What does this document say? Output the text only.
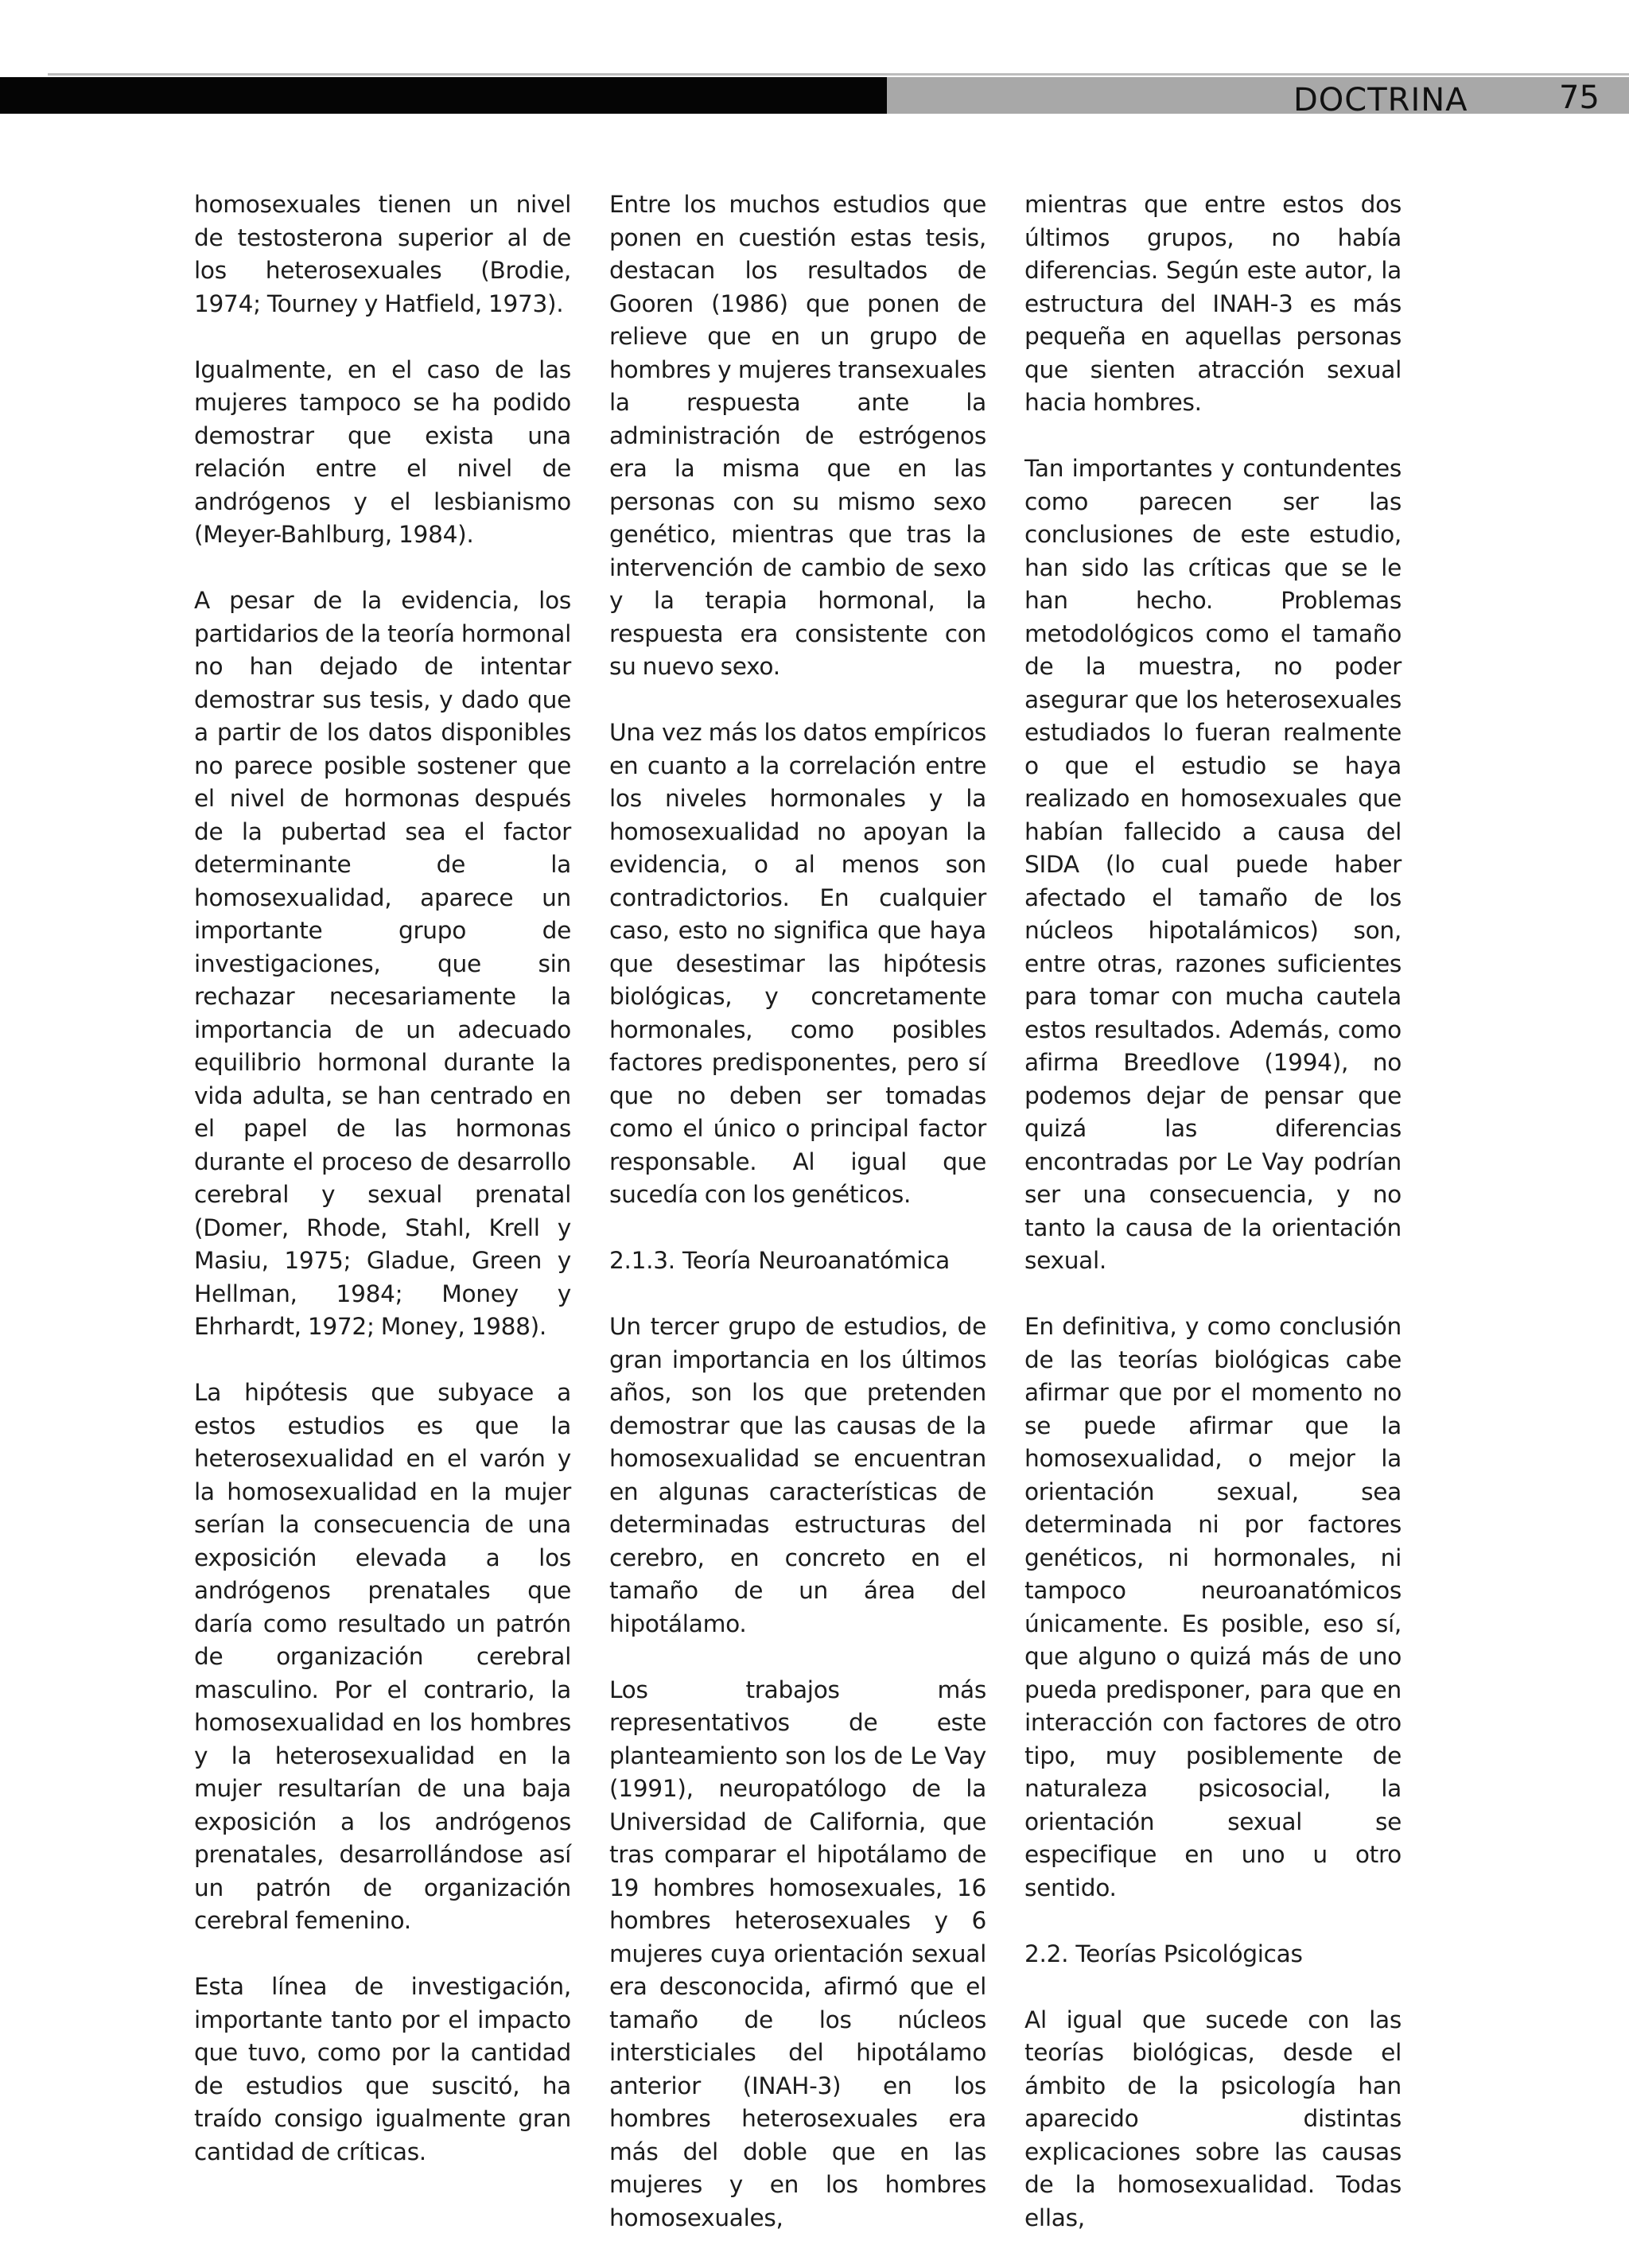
DOCTRINA	75

homosexuales tienen un nivel de testosterona superior al de los heterosexuales (Brodie, 1974; Tourney y Hatfield, 1973).

Igualmente, en el caso de las mujeres tampoco se ha podido demostrar que exista una relación entre el nivel de andrógenos y el lesbianismo (Meyer-Bahlburg, 1984).

A pesar de la evidencia, los partidarios de la teoría hormonal no han dejado de intentar demostrar sus tesis, y dado que a partir de los datos disponibles no parece posible sostener que el nivel de hormonas después de la pubertad sea el factor determinante de la homosexualidad, aparece un importante grupo de investigaciones, que sin rechazar necesariamente la importancia de un adecuado equilibrio hormonal durante la vida adulta, se han centrado en el papel de las hormonas durante el proceso de desarrollo cerebral y sexual prenatal (Domer, Rhode, Stahl, Krell y Masiu, 1975; Gladue, Green y Hellman, 1984; Money y Ehrhardt, 1972; Money, 1988).

La hipótesis que subyace a estos estudios es que la heterosexualidad en el varón y la homosexualidad en la mujer serían la consecuencia de una exposición elevada a los andrógenos prenatales que daría como resultado un patrón de organización cerebral masculino. Por el contrario, la homosexualidad en los hombres y la heterosexualidad en la mujer resultarían de una baja exposición a los andrógenos prenatales, desarrollándose así un patrón de organización cerebral femenino.

Esta línea de investigación, importante tanto por el impacto que tuvo, como por la cantidad de estudios que suscitó, ha traído consigo igualmente gran cantidad de críticas.

Entre los muchos estudios que ponen en cuestión estas tesis, destacan los resultados de Gooren (1986) que ponen de relieve que en un grupo de hombres y mujeres transexuales la respuesta ante la administración de estrógenos era la misma que en las personas con su mismo sexo genético, mientras que tras la intervención de cambio de sexo y la terapia hormonal, la respuesta era consistente con su nuevo sexo.

Una vez más los datos empíricos en cuanto a la correlación entre los niveles hormonales y la homosexualidad no apoyan la evidencia, o al menos son contradictorios. En cualquier caso, esto no significa que haya que desestimar las hipótesis biológicas, y concretamente hormonales, como posibles factores predisponentes, pero sí que no deben ser tomadas como el único o principal factor responsable. Al igual que sucedía con los genéticos.

2.1.3. Teoría Neuroanatómica

Un tercer grupo de estudios, de gran importancia en los últimos años, son los que pretenden demostrar que las causas de la homosexualidad se encuentran en algunas características de determinadas estructuras del cerebro, en concreto en el tamaño de un área del hipotálamo.

Los trabajos más representativos de este planteamiento son los de Le Vay (1991), neuropatólogo de la Universidad de California, que tras comparar el hipotálamo de 19 hombres homosexuales, 16 hombres heterosexuales y 6 mujeres cuya orientación sexual era desconocida, afirmó que el tamaño de los núcleos intersticiales del hipotálamo anterior (INAH-3) en los hombres heterosexuales era más del doble que en las mujeres y en los hombres homosexuales,

mientras que entre estos dos últimos grupos, no había diferencias. Según este autor, la estructura del INAH-3 es más pequeña en aquellas personas que sienten atracción sexual hacia hombres.

Tan importantes y contundentes como parecen ser las conclusiones de este estudio, han sido las críticas que se le han hecho. Problemas metodológicos como el tamaño de la muestra, no poder asegurar que los heterosexuales estudiados lo fueran realmente o que el estudio se haya realizado en homosexuales que habían fallecido a causa del SIDA (lo cual puede haber afectado el tamaño de los núcleos hipotalámicos) son, entre otras, razones suficientes para tomar con mucha cautela estos resultados. Además, como afirma Breedlove (1994), no podemos dejar de pensar que quizá las diferencias encontradas por Le Vay podrían ser una consecuencia, y no tanto la causa de la orientación sexual.

En definitiva, y como conclusión de las teorías biológicas cabe afirmar que por el momento no se puede afirmar que la homosexualidad, o mejor la orientación sexual, sea determinada ni por factores genéticos, ni hormonales, ni tampoco neuroanatómicos únicamente. Es posible, eso sí, que alguno o quizá más de uno pueda predisponer, para que en interacción con factores de otro tipo, muy posiblemente de naturaleza psicosocial, la orientación sexual se especifique en uno u otro sentido.

2.2. Teorías Psicológicas

Al igual que sucede con las teorías biológicas, desde el ámbito de la psicología han aparecido distintas explicaciones sobre las causas de la homosexualidad. Todas ellas,
